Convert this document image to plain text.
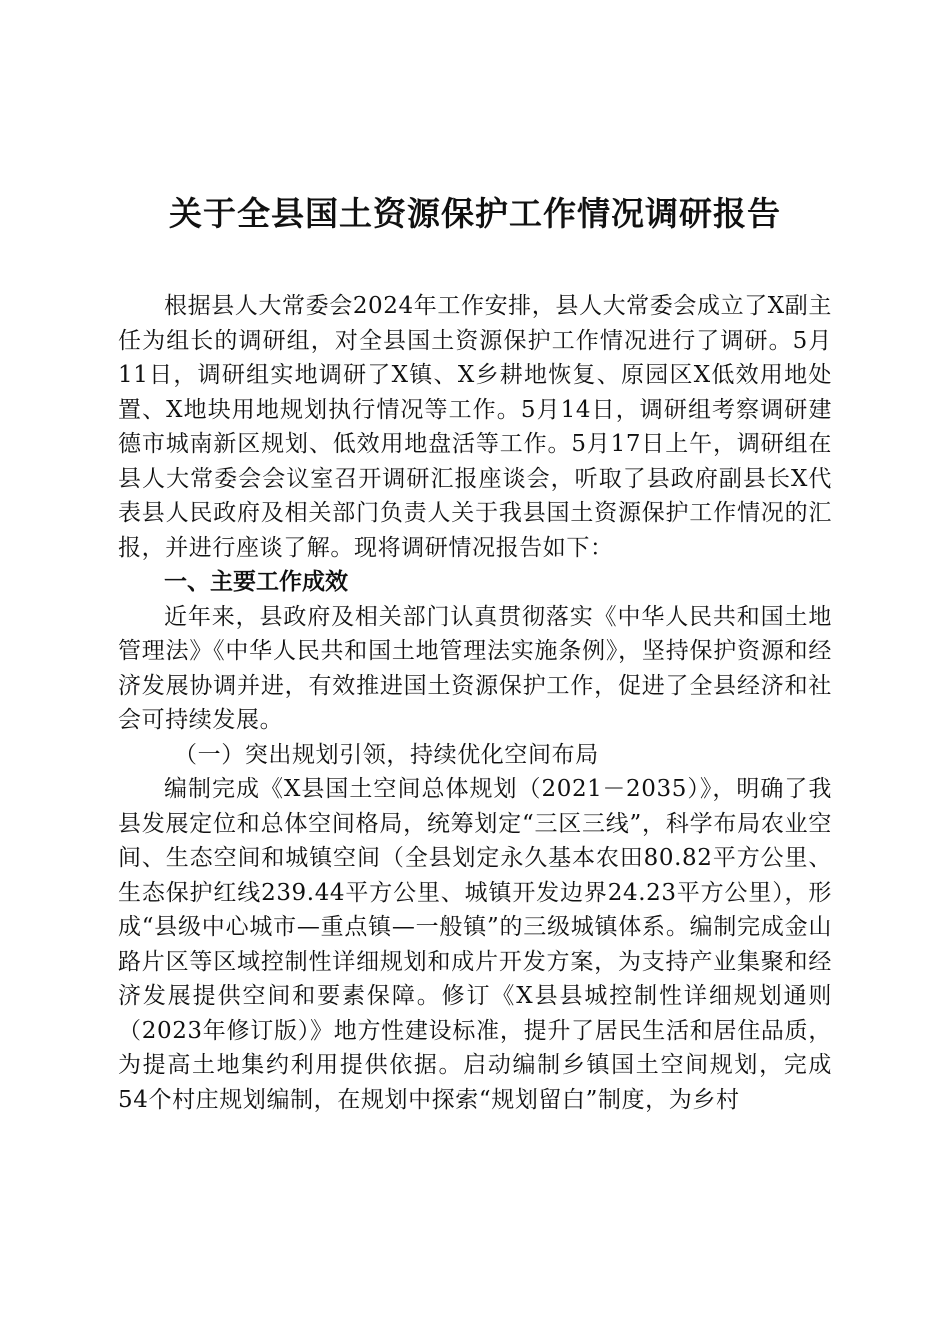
关于全县国土资源保护工作情况调研报告

根据县人大常委会2024年工作安排，县人大常委会成立了X副主任为组长的调研组，对全县国土资源保护工作情况进行了调研。5月11日，调研组实地调研了X镇、X乡耕地恢复、原园区X低效用地处置、X地块用地规划执行情况等工作。5月14日，调研组考察调研建德市城南新区规划、低效用地盘活等工作。5月17日上午，调研组在县人大常委会会议室召开调研汇报座谈会，听取了县政府副县长X代表县人民政府及相关部门负责人关于我县国土资源保护工作情况的汇报，并进行座谈了解。现将调研情况报告如下：

一、主要工作成效

近年来，县政府及相关部门认真贯彻落实《中华人民共和国土地管理法》《中华人民共和国土地管理法实施条例》，坚持保护资源和经济发展协调并进，有效推进国土资源保护工作，促进了全县经济和社会可持续发展。

（一）突出规划引领，持续优化空间布局

编制完成《X县国土空间总体规划（2021－2035）》，明确了我县发展定位和总体空间格局，统筹划定“三区三线”，科学布局农业空间、生态空间和城镇空间（全县划定永久基本农田80.82平方公里、生态保护红线239.44平方公里、城镇开发边界24.23平方公里），形成“县级中心城市—重点镇—一般镇”的三级城镇体系。编制完成金山路片区等区域控制性详细规划和成片开发方案，为支持产业集聚和经济发展提供空间和要素保障。修订《X县县城控制性详细规划通则（2023年修订版）》地方性建设标准，提升了居民生活和居住品质，为提高土地集约利用提供依据。启动编制乡镇国土空间规划，完成54个村庄规划编制，在规划中探索“规划留白”制度，为乡村
